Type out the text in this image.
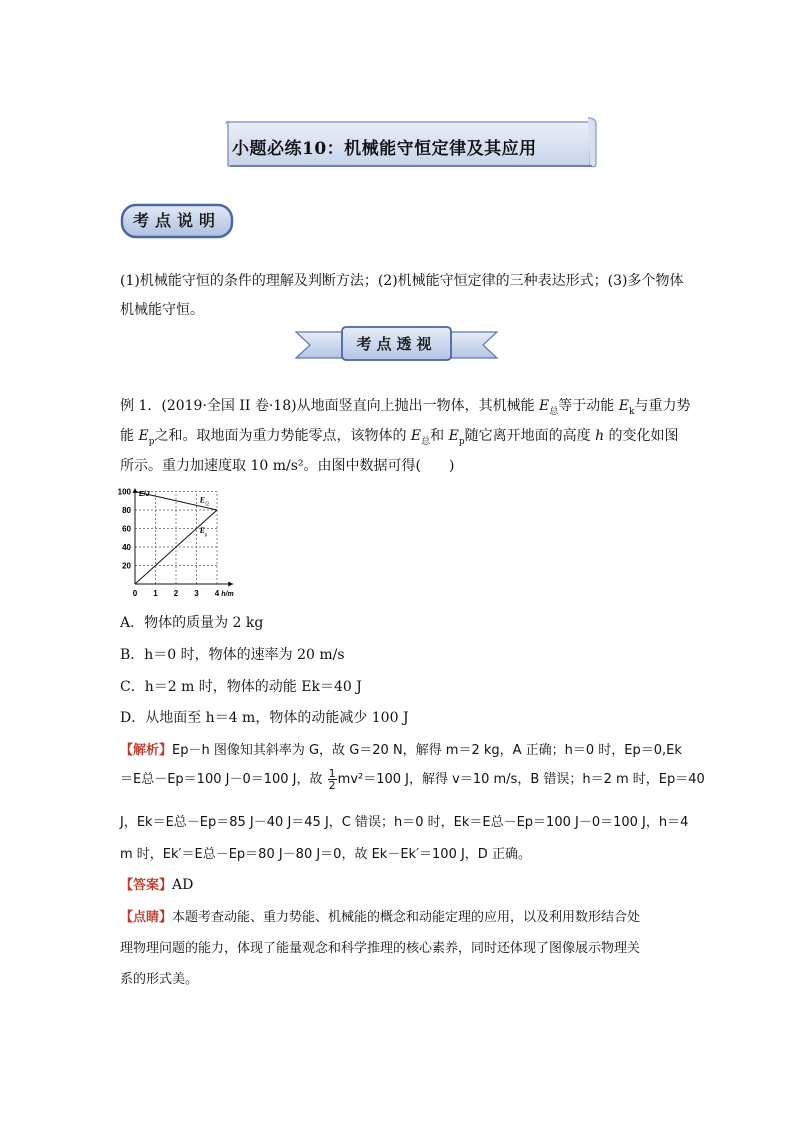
小题必练10：机械能守恒定律及其应用
考点说明
(1)机械能守恒的条件的理解及判断方法；(2)机械能守恒定律的三种表达形式；(3)多个物体
机械能守恒。
考点透视
例 1．(2019·全国 II 卷·18)从地面竖直向上抛出一物体，其机械能 $E_总$等于动能 $E_k$与重力势
能 $E_p$之和。取地面为重力势能零点，该物体的 $E_总$和 $E_p$随它离开地面的高度 h 的变化如图
所示。重力加速度取 10 m/s²。由图中数据可得(　　)
0 1 2 3 4
20
40
60
80
100 E/J
h/m
E 总
E
p
A．物体的质量为 2 kg
B．h＝0 时，物体的速率为 20 m/s
C．h＝2 m 时，物体的动能 Ek＝40 J
D．从地面至 h＝4 m，物体的动能减少 100 J
【解析】Ep－h 图像知其斜率为 G，故 G＝20 N，解得 m＝2 kg，A 正确；h＝0 时，Ep＝0,Ek
＝E总－Ep＝100 J－0＝100 J，故 $\frac{1}{2} mv^2=100$ J，解得 v＝10 m/s，B 错误；h＝2 m 时，Ep＝40
J，Ek＝E总－Ep＝85 J－40 J＝45 J，C 错误；h＝0 时，Ek＝E总－Ep＝100 J－0＝100 J，h＝4
m 时，Ek′＝E总－Ep＝80 J－80 J＝0，故 Ek－Ek′＝100 J，D 正确。
【答案】AD
【点睛】本题考查动能、重力势能、机械能的概念和动能定理的应用，以及利用数形结合处
理物理问题的能力，体现了能量观念和科学推理的核心素养，同时还体现了图像展示物理关
系的形式美。
